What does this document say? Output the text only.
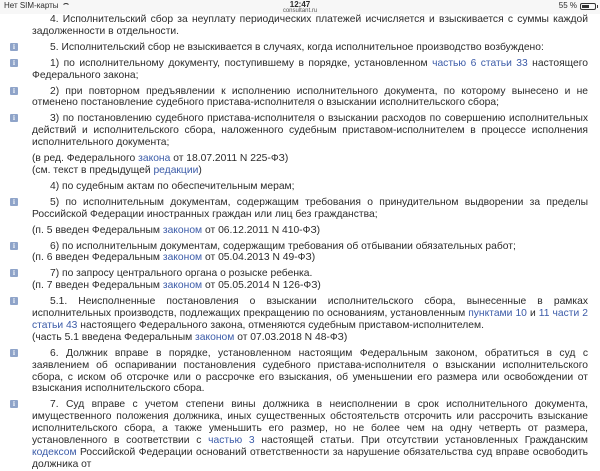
Нет SIM-карты	12:47
consultant.ru
55 %
4. Исполнительский сбор за неуплату периодических платежей исчисляется и взыскивается с суммы каждой задолженности в отдельности.
i	5. Исполнительский сбор не взыскивается в случаях, когда исполнительное производство возбуждено:
i	1) по исполнительному документу, поступившему в порядке, установленном частью 6 статьи 33 настоящего Федерального закона;
i	2) при повторном предъявлении к исполнению исполнительного документа, по которому вынесено и не отменено постановление судебного пристава-исполнителя о взыскании исполнительского сбора;
i	3) по постановлению судебного пристава-исполнителя о взыскании расходов по совершению исполнительных действий и исполнительского сбора, наложенного судебным приставом-исполнителем в процессе исполнения исполнительного документа;
(в ред. Федерального закона от 18.07.2011 N 225-ФЗ)
(см. текст в предыдущей редакции)
4) по судебным актам по обеспечительным мерам;
i	5) по исполнительным документам, содержащим требования о принудительном выдворении за пределы Российской Федерации иностранных граждан или лиц без гражданства;
(п. 5 введен Федеральным законом от 06.12.2011 N 410-ФЗ)
i	6) по исполнительным документам, содержащим требования об отбывании обязательных работ;
(п. 6 введен Федеральным законом от 05.04.2013 N 49-ФЗ)
i	7) по запросу центрального органа о розыске ребенка.
(п. 7 введен Федеральным законом от 05.05.2014 N 126-ФЗ)
i	5.1. Неисполненные постановления о взыскании исполнительского сбора, вынесенные в рамках исполнительных производств, подлежащих прекращению по основаниям, установленным пунктами 10 и 11 части 2 статьи 43 настоящего Федерального закона, отменяются судебным приставом-исполнителем.
(часть 5.1 введена Федеральным законом от 07.03.2018 N 48-ФЗ)
i	6. Должник вправе в порядке, установленном настоящим Федеральным законом, обратиться в суд с заявлением об оспаривании постановления судебного пристава-исполнителя о взыскании исполнительского сбора, с иском об отсрочке или о рассрочке его взыскания, об уменьшении его размера или освобождении от взыскания исполнительского сбора.
i	7. Суд вправе с учетом степени вины должника в неисполнении в срок исполнительного документа, имущественного положения должника, иных существенных обстоятельств отсрочить или рассрочить взыскание исполнительского сбора, а также уменьшить его размер, но не более чем на одну четверть от размера, установленного в соответствии с частью 3 настоящей статьи. При отсутствии установленных Гражданским кодексом Российской Федерации оснований ответственности за нарушение обязательства суд вправе освободить должника от
